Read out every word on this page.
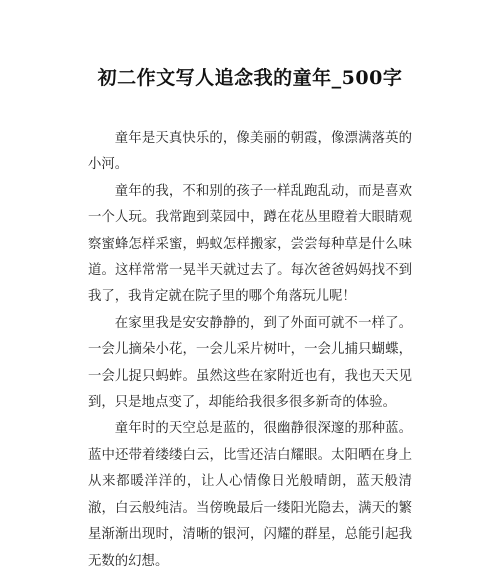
初二作文写人追念我的童年_500字

童年是天真快乐的，像美丽的朝霞，像漂满落英的小河。

童年的我，不和别的孩子一样乱跑乱动，而是喜欢一个人玩。我常跑到菜园中，蹲在花丛里瞪着大眼睛观察蜜蜂怎样采蜜，蚂蚁怎样搬家，尝尝每种草是什么味道。这样常常一晃半天就过去了。每次爸爸妈妈找不到我了，我肯定就在院子里的哪个角落玩儿呢！

在家里我是安安静静的，到了外面可就不一样了。一会儿摘朵小花，一会儿采片树叶，一会儿捕只蝴蝶，一会儿捉只蚂蚱。虽然这些在家附近也有，我也天天见到，只是地点变了，却能给我很多很多新奇的体验。

童年时的天空总是蓝的，很幽静很深邃的那种蓝。蓝中还带着缕缕白云，比雪还洁白耀眼。太阳晒在身上从来都暖洋洋的，让人心情像日光般晴朗，蓝天般清澈，白云般纯洁。当傍晚最后一缕阳光隐去，满天的繁星渐渐出现时，清晰的银河，闪耀的群星，总能引起我无数的幻想。
